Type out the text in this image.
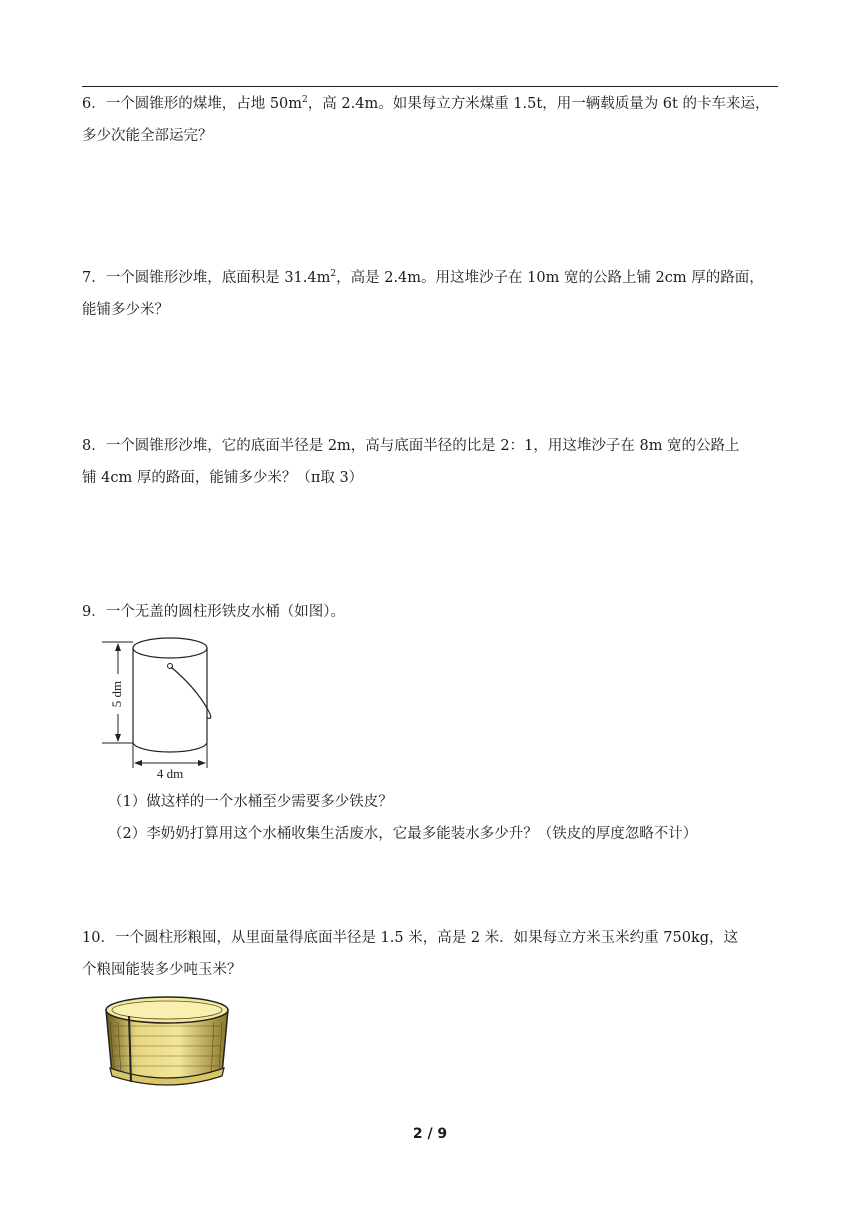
6．一个圆锥形的煤堆，占地 $50m^2$，高 2.4m。如果每立方米煤重 1.5t，用一辆载质量为 6t 的卡车来运，
多少次能全部运完？
7．一个圆锥形沙堆，底面积是 $31.4m^2$，高是 2.4m。用这堆沙子在 10m 宽的公路上铺 2cm 厚的路面，
能铺多少米？
8．一个圆锥形沙堆，它的底面半径是 2m，高与底面半径的比是 2：1，用这堆沙子在 8m 宽的公路上
铺 4cm 厚的路面，能铺多少米？（π取 3）
9．一个无盖的圆柱形铁皮水桶（如图）。
5 dm
4 dm
（1）做这样的一个水桶至少需要多少铁皮？
（2）李奶奶打算用这个水桶收集生活废水，它最多能装水多少升？（铁皮的厚度忽略不计）
10．一个圆柱形粮囤，从里面量得底面半径是 1.5 米，高是 2 米．如果每立方米玉米约重 750kg，这
个粮囤能装多少吨玉米？
2 / 9
